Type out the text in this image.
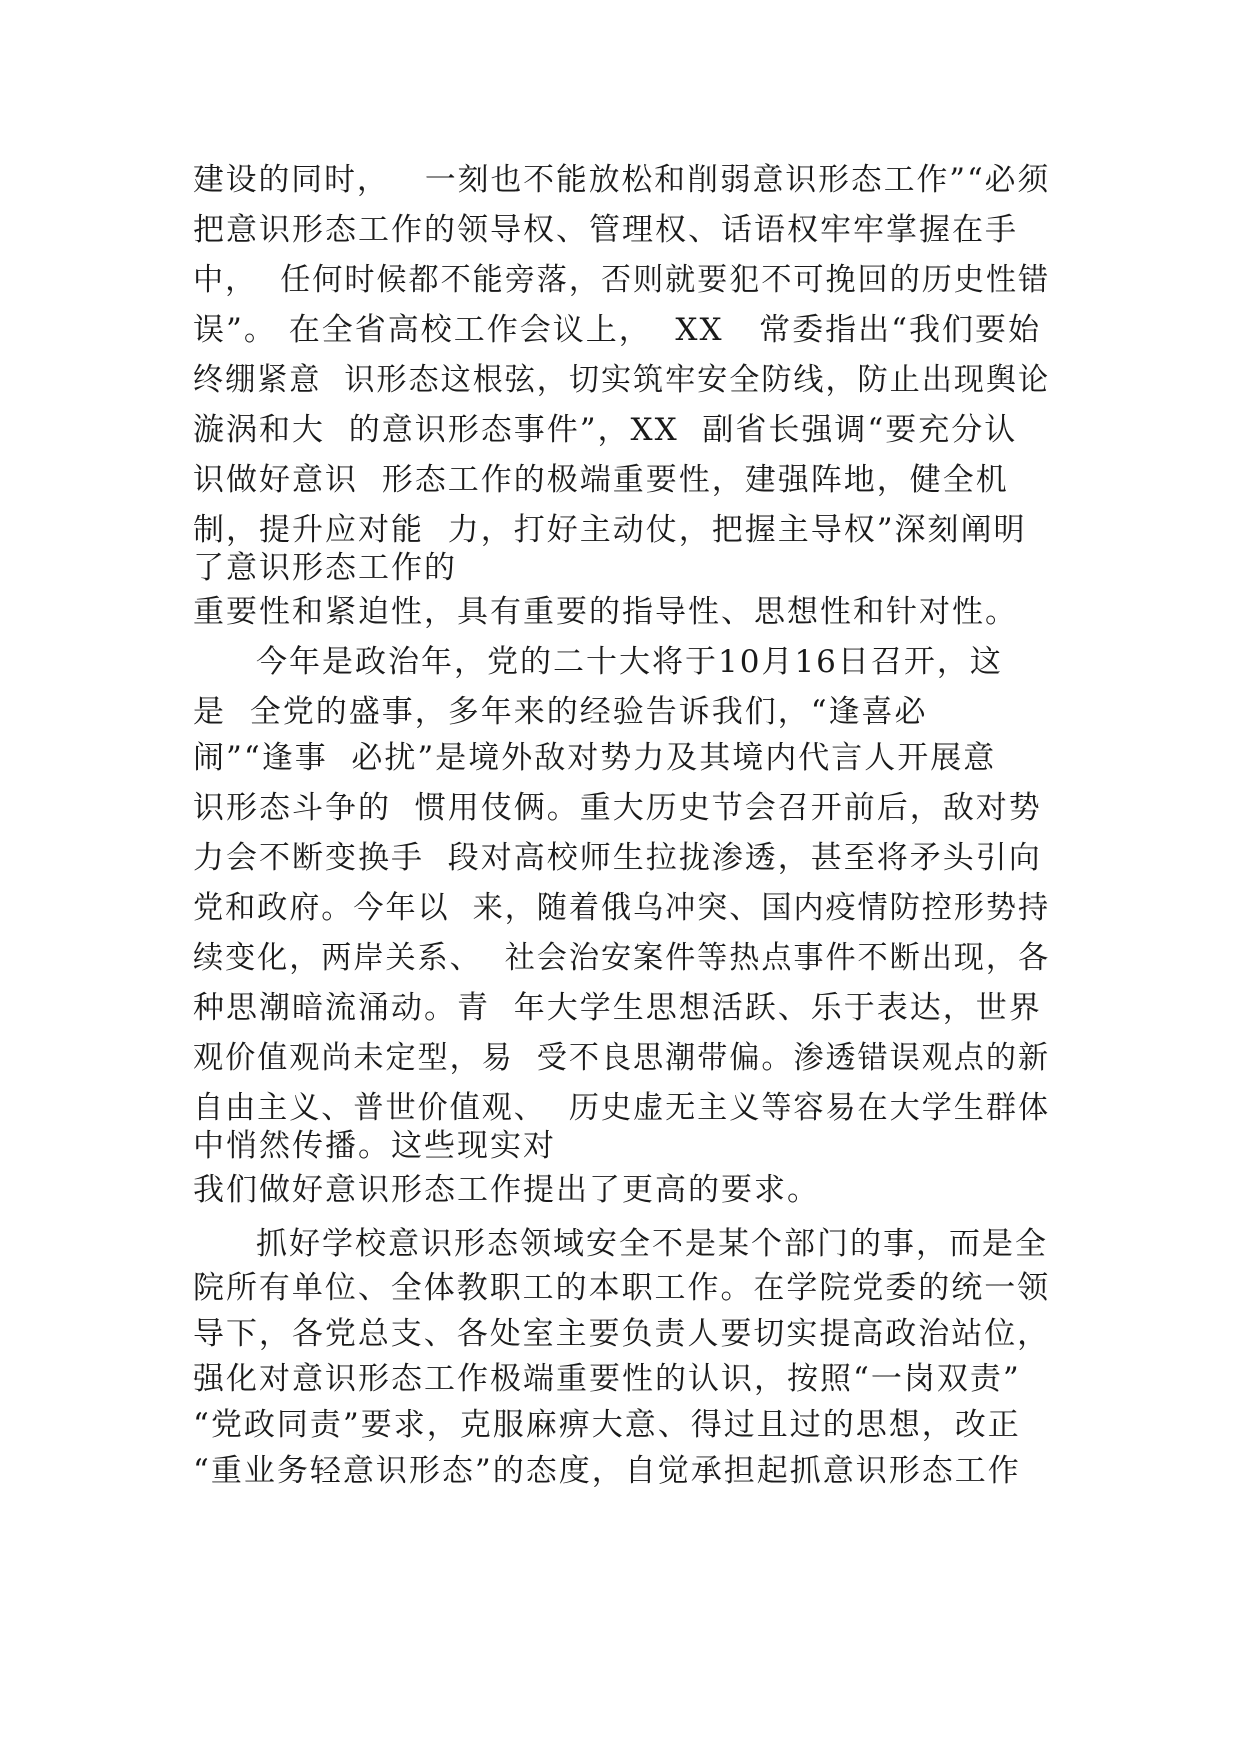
建设的同时，   一刻也不能放松和削弱意识形态工作”“必须
把意识形态工作的领导权、管理权、话语权牢牢掌握在手
中，  任何时候都不能旁落，否则就要犯不可挽回的历史性错
误”。 在全省高校工作会议上，  XX   常委指出“我们要始
终绷紧意  识形态这根弦，切实筑牢安全防线，防止出现舆论
漩涡和大  的意识形态事件”，XX  副省长强调“要充分认
识做好意识  形态工作的极端重要性，建强阵地，健全机
制，提升应对能  力，打好主动仗，把握主导权”深刻阐明
了意识形态工作的
重要性和紧迫性，具有重要的指导性、思想性和针对性。
今年是政治年，党的二十大将于10月16日召开，这
是  全党的盛事，多年来的经验告诉我们，“逢喜必
闹”“逢事  必扰”是境外敌对势力及其境内代言人开展意
识形态斗争的  惯用伎俩。重大历史节会召开前后，敌对势
力会不断变换手  段对高校师生拉拢渗透，甚至将矛头引向
党和政府。今年以  来，随着俄乌冲突、国内疫情防控形势持
续变化，两岸关系、  社会治安案件等热点事件不断出现，各
种思潮暗流涌动。青  年大学生思想活跃、乐于表达，世界
观价值观尚未定型，易  受不良思潮带偏。渗透错误观点的新
自由主义、普世价值观、  历史虚无主义等容易在大学生群体
中悄然传播。这些现实对
我们做好意识形态工作提出了更高的要求。
抓好学校意识形态领域安全不是某个部门的事，而是全
院所有单位、全体教职工的本职工作。在学院党委的统一领
导下，各党总支、各处室主要负责人要切实提高政治站位，
强化对意识形态工作极端重要性的认识，按照“一岗双责”
“党政同责”要求，克服麻痹大意、得过且过的思想，改正
“重业务轻意识形态”的态度，自觉承担起抓意识形态工作
